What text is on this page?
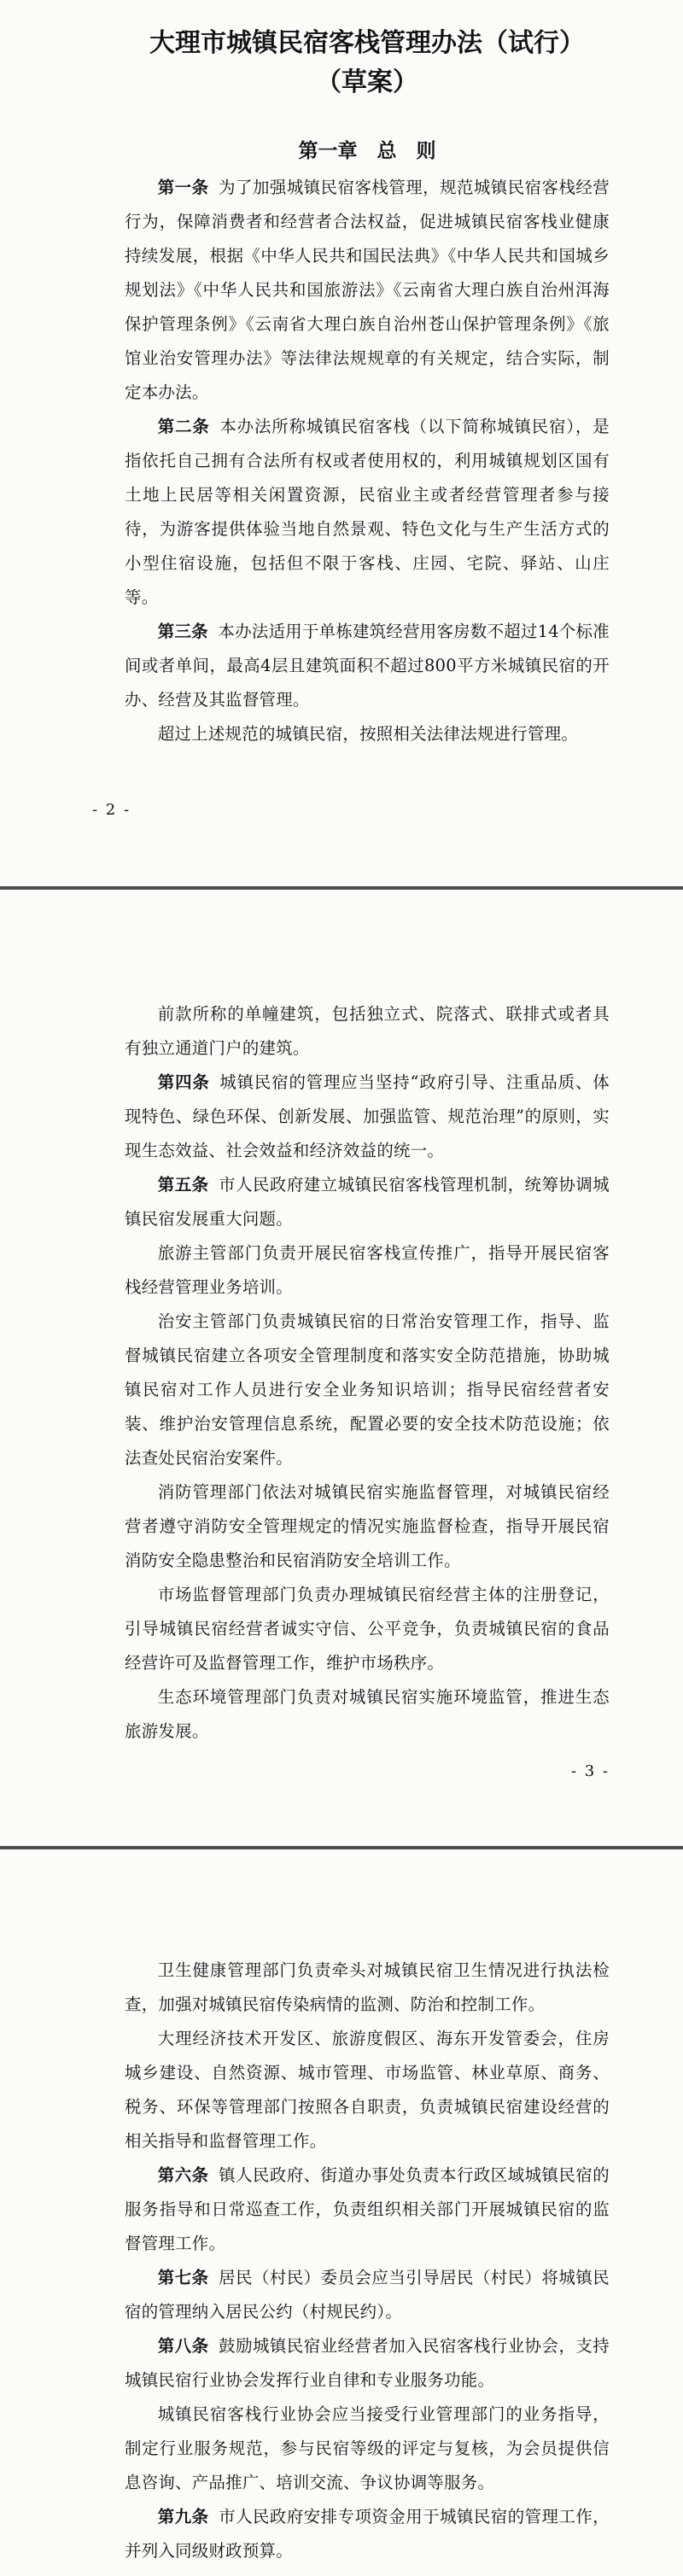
大理市城镇民宿客栈管理办法（试行）

（草案）

第一章　总　则

第一条 为了加强城镇民宿客栈管理，规范城镇民宿客栈经营行为，保障消费者和经营者合法权益，促进城镇民宿客栈业健康持续发展，根据《中华人民共和国民法典》《中华人民共和国城乡规划法》《中华人民共和国旅游法》《云南省大理白族自治州洱海保护管理条例》《云南省大理白族自治州苍山保护管理条例》《旅馆业治安管理办法》等法律法规规章的有关规定，结合实际，制定本办法。

第二条 本办法所称城镇民宿客栈（以下简称城镇民宿），是指依托自己拥有合法所有权或者使用权的，利用城镇规划区国有土地上民居等相关闲置资源，民宿业主或者经营管理者参与接待，为游客提供体验当地自然景观、特色文化与生产生活方式的小型住宿设施，包括但不限于客栈、庄园、宅院、驿站、山庄等。

第三条 本办法适用于单栋建筑经营用客房数不超过14个标准间或者单间，最高4层且建筑面积不超过800平方米城镇民宿的开办、经营及其监督管理。

超过上述规范的城镇民宿，按照相关法律法规进行管理。

- 2 -

前款所称的单幢建筑，包括独立式、院落式、联排式或者具有独立通道门户的建筑。

第四条 城镇民宿的管理应当坚持“政府引导、注重品质、体现特色、绿色环保、创新发展、加强监管、规范治理”的原则，实现生态效益、社会效益和经济效益的统一。

第五条 市人民政府建立城镇民宿客栈管理机制，统筹协调城镇民宿发展重大问题。

旅游主管部门负责开展民宿客栈宣传推广，指导开展民宿客栈经营管理业务培训。

治安主管部门负责城镇民宿的日常治安管理工作，指导、监督城镇民宿建立各项安全管理制度和落实安全防范措施，协助城镇民宿对工作人员进行安全业务知识培训；指导民宿经营者安装、维护治安管理信息系统，配置必要的安全技术防范设施；依法查处民宿治安案件。

消防管理部门依法对城镇民宿实施监督管理，对城镇民宿经营者遵守消防安全管理规定的情况实施监督检查，指导开展民宿消防安全隐患整治和民宿消防安全培训工作。

市场监督管理部门负责办理城镇民宿经营主体的注册登记，引导城镇民宿经营者诚实守信、公平竞争，负责城镇民宿的食品经营许可及监督管理工作，维护市场秩序。

生态环境管理部门负责对城镇民宿实施环境监管，推进生态旅游发展。

- 3 -

卫生健康管理部门负责牵头对城镇民宿卫生情况进行执法检查，加强对城镇民宿传染病情的监测、防治和控制工作。

大理经济技术开发区、旅游度假区、海东开发管委会，住房城乡建设、自然资源、城市管理、市场监管、林业草原、商务、税务、环保等管理部门按照各自职责，负责城镇民宿建设经营的相关指导和监督管理工作。

第六条 镇人民政府、街道办事处负责本行政区域城镇民宿的服务指导和日常巡查工作，负责组织相关部门开展城镇民宿的监督管理工作。

第七条 居民（村民）委员会应当引导居民（村民）将城镇民宿的管理纳入居民公约（村规民约）。

第八条 鼓励城镇民宿业经营者加入民宿客栈行业协会，支持城镇民宿行业协会发挥行业自律和专业服务功能。

城镇民宿客栈行业协会应当接受行业管理部门的业务指导，制定行业服务规范，参与民宿等级的评定与复核，为会员提供信息咨询、产品推广、培训交流、争议协调等服务。

第九条 市人民政府安排专项资金用于城镇民宿的管理工作，并列入同级财政预算。
